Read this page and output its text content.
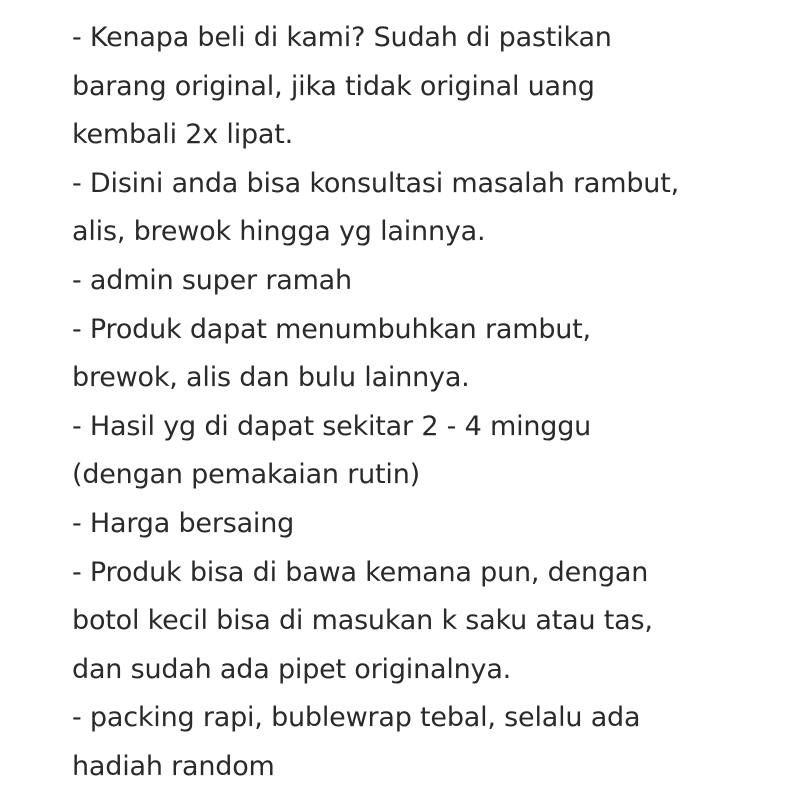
- Kenapa beli di kami? Sudah di pastikan
barang original, jika tidak original uang
kembali 2x lipat.
- Disini anda bisa konsultasi masalah rambut,
alis, brewok hingga yg lainnya.
- admin super ramah
- Produk dapat menumbuhkan rambut,
brewok, alis dan bulu lainnya.
- Hasil yg di dapat sekitar 2 - 4 minggu
(dengan pemakaian rutin)
- Harga bersaing
- Produk bisa di bawa kemana pun, dengan
botol kecil bisa di masukan k saku atau tas,
dan sudah ada pipet originalnya.
- packing rapi, bublewrap tebal, selalu ada
hadiah random
